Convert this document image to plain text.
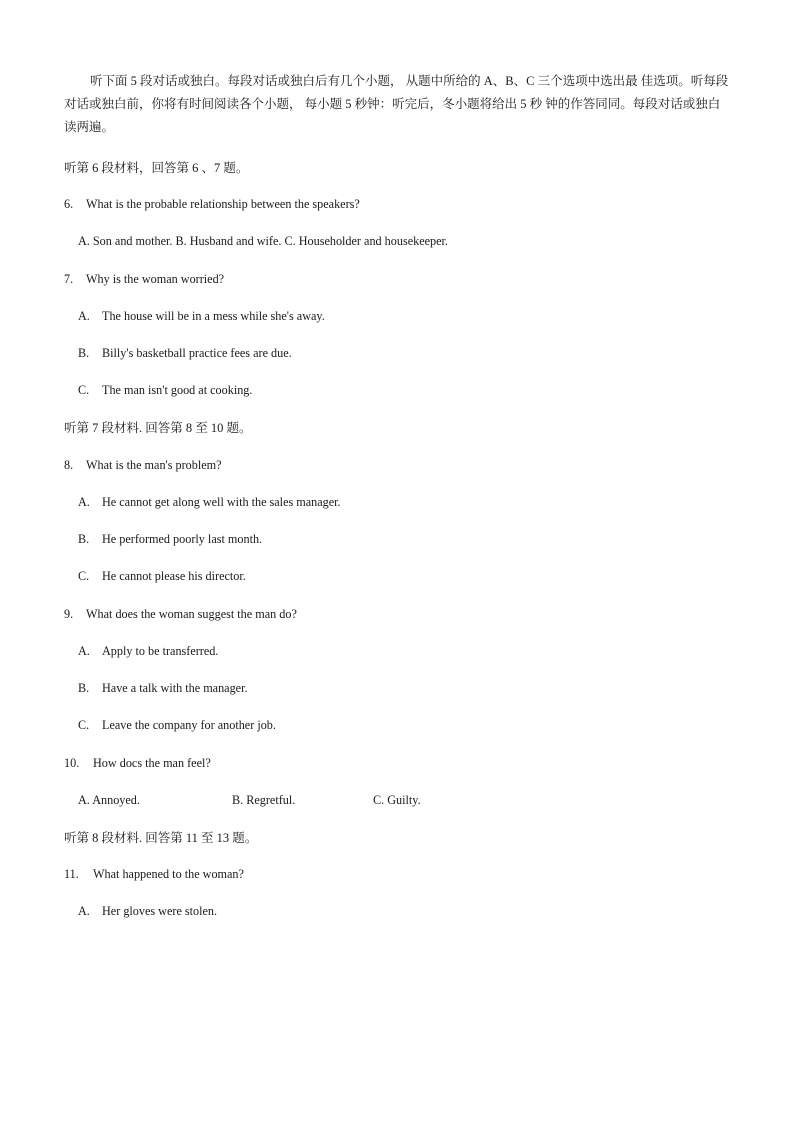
听下面 5 段对话或独白。每段对话或独白后有几个小题， 从题中所给的 A、B、C 三个选项中选出最 佳选项。听每段对话或独白前，你将有时间阅读各个小题， 每小题 5 秒钟：听完后，冬小题将给出 5 秒 钟的作答同同。每段对话或独白读两遍。

听第 6 段材料，回答第 6 、7 题。
6. What is the probable relationship between the speakers?
A. Son and mother. B. Husband and wife. C. Householder and housekeeper.
7. Why is the woman worried?
A. The house will be in a mess while she's away.
B. Billy's basketball practice fees are due.
C. The man isn't good at cooking.
听第 7 段材料. 回答第 8 至 10 题。
8. What is the man's problem?
A. He cannot get along well with the sales manager.
B. He performed poorly last month.
C. He cannot please his director.
9. What does the woman suggest the man do?
A. Apply to be transferred.
B. Have a talk with the manager.
C. Leave the company for another job.
10. How docs the man feel?
A. Annoyed.	B. Regretful.	C. Guilty.
听第 8 段材料. 回答第 11 至 13 题。
11. What happened to the woman?
A. Her gloves were stolen.
